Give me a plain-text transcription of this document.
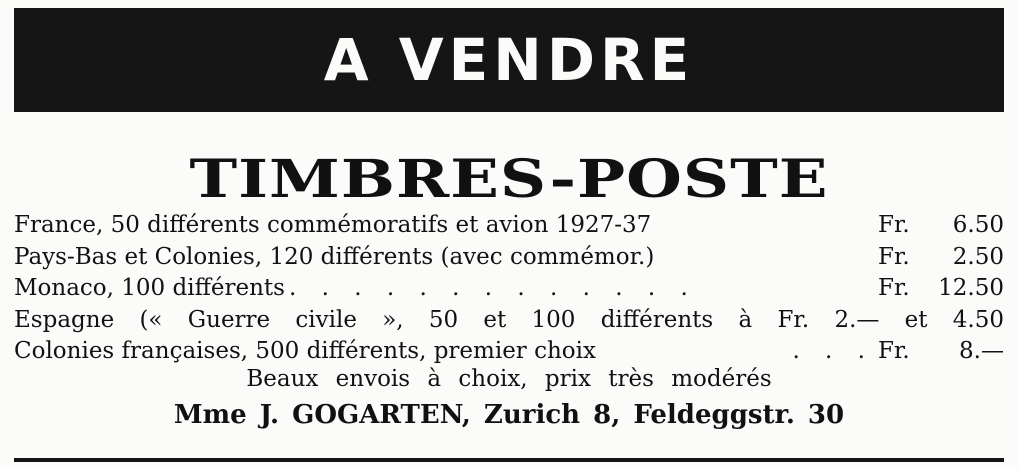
A VENDRE
TIMBRES-POSTE
France, 50 différents commémoratifs et avion 1927-37	Fr.	6.50
Pays-Bas et Colonies, 120 différents (avec commémor.)	Fr.	2.50
Monaco, 100 différents . . . . . . . . . . . . .	Fr.	12.50
Espagne (« Guerre civile », 50 et 100 différents à Fr. 2.— et 4.50
Colonies françaises, 500 différents, premier choix	. . . Fr.	8.—
Beaux envois à choix, prix très modérés
Mme J. GOGARTEN, Zurich 8, Feldeggstr. 30
